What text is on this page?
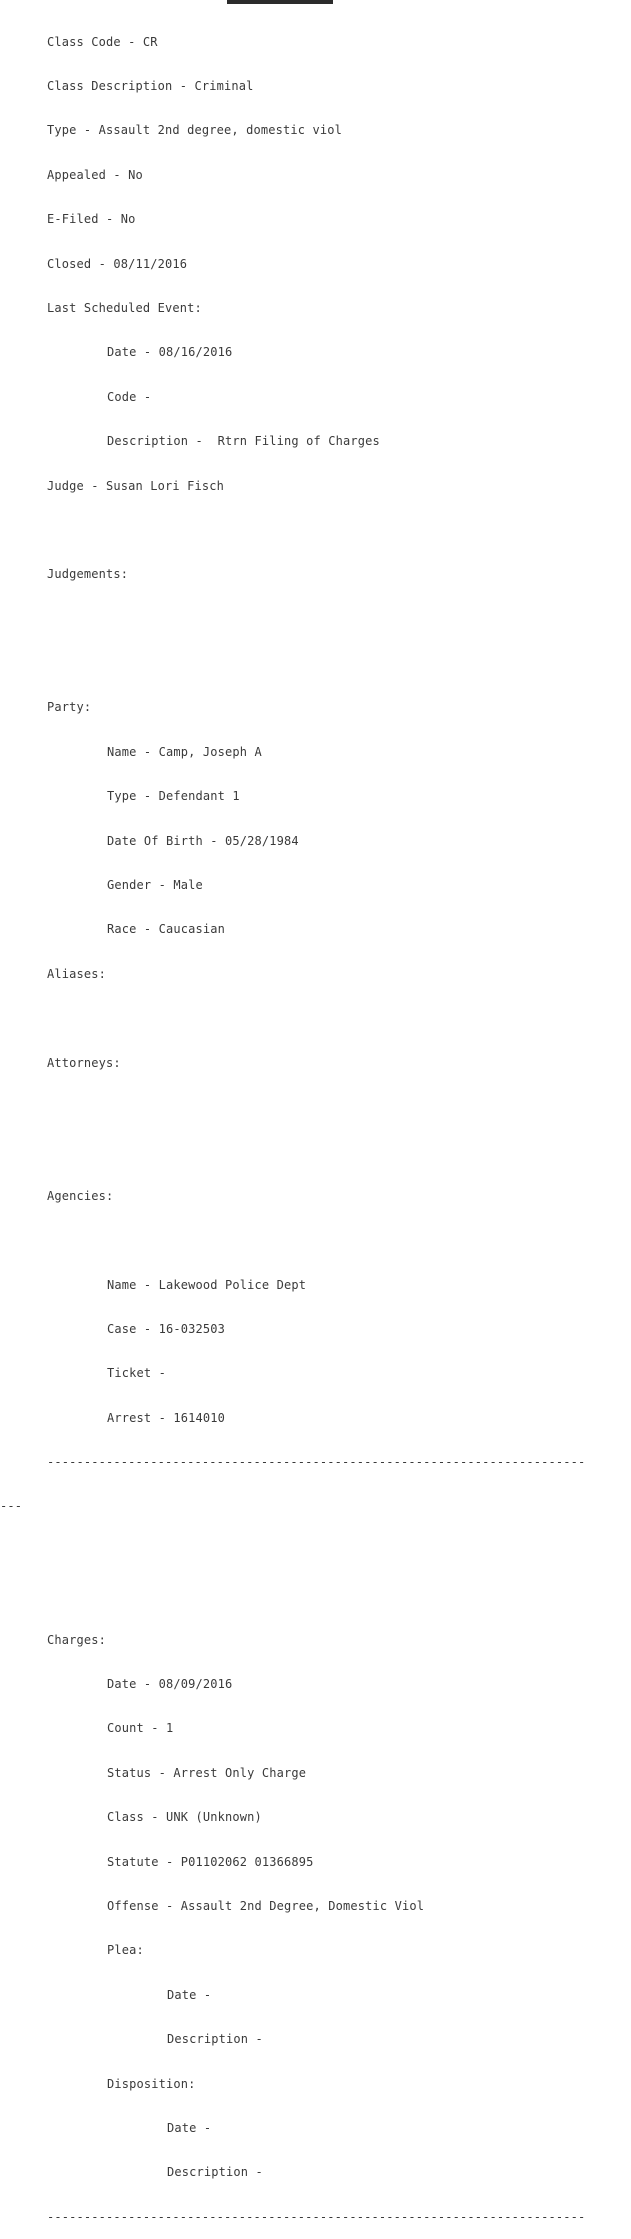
Class Code - CR

Class Description - Criminal

Type - Assault 2nd degree, domestic viol

Appealed - No

E-Filed - No

Closed - 08/11/2016

Last Scheduled Event:

Date - 08/16/2016

Code -

Description -  Rtrn Filing of Charges

Judge - Susan Lori Fisch

Judgements:

Party:

Name - Camp, Joseph A

Type - Defendant 1

Date Of Birth - 05/28/1984

Gender - Male

Race - Caucasian

Aliases:

Attorneys:

Agencies:

Name - Lakewood Police Dept

Case - 16-032503

Ticket -

Arrest - 1614010

-------------------------------------------------------------------------

---

Charges:

Date - 08/09/2016

Count - 1

Status - Arrest Only Charge

Class - UNK (Unknown)

Statute - P01102062 01366895

Offense - Assault 2nd Degree, Domestic Viol

Plea:

Date -

Description -

Disposition:

Date -

Description -

-------------------------------------------------------------------------
